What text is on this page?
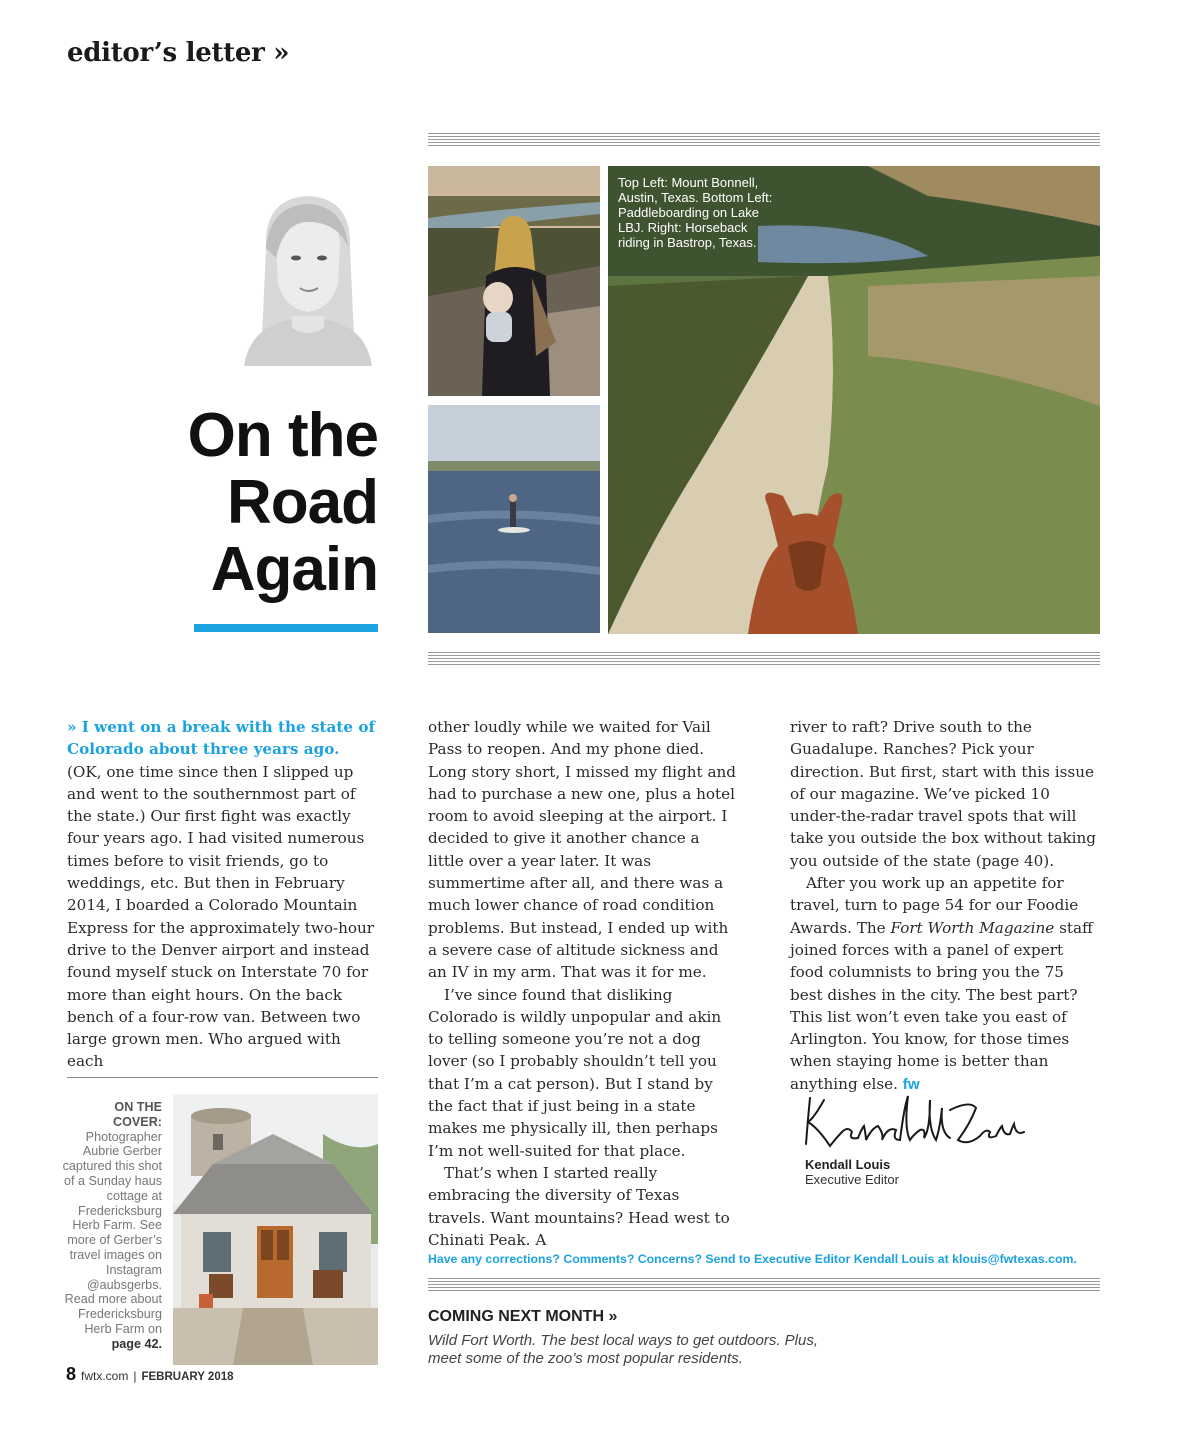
editor’s letter »
On the
Road
Again
Top Left: Mount Bonnell, Austin, Texas. Bottom Left: Paddleboarding on Lake LBJ. Right: Horseback riding in Bastrop, Texas.

» I went on a break with the state of Colorado about three years ago. (OK, one time since then I slipped up and went to the southernmost part of the state.) Our first fight was exactly four years ago. I had visited numerous times before to visit friends, go to weddings, etc. But then in February 2014, I boarded a Colorado Mountain Express for the approximately two-hour drive to the Denver airport and instead found myself stuck on Interstate 70 for more than eight hours. On the back bench of a four-row van. Between two large grown men. Who argued with each

other loudly while we waited for Vail Pass to reopen. And my phone died. Long story short, I missed my flight and had to purchase a new one, plus a hotel room to avoid sleeping at the airport. I decided to give it another chance a little over a year later. It was summertime after all, and there was a much lower chance of road condition problems. But instead, I ended up with a severe case of altitude sickness and an IV in my arm. That was it for me.

I’ve since found that disliking Colorado is wildly unpopular and akin to telling someone you’re not a dog lover (so I probably shouldn’t tell you that I’m a cat person). But I stand by the fact that if just being in a state makes me physically ill, then perhaps I’m not well-suited for that place.

That’s when I started really embracing the diversity of Texas travels. Want mountains? Head west to Chinati Peak. A

river to raft? Drive south to the Guadalupe. Ranches? Pick your direction. But first, start with this issue of our magazine. We’ve picked 10 under-the-radar travel spots that will take you outside the box without taking you outside of the state (page 40).

After you work up an appetite for travel, turn to page 54 for our Foodie Awards. The Fort Worth Magazine staff joined forces with a panel of expert food columnists to bring you the 75 best dishes in the city. The best part? This list won’t even take you east of Arlington. You know, for those times when staying home is better than anything else. fw

ON THE COVER:
Photographer Aubrie Gerber captured this shot of a Sunday haus cottage at Fredericksburg Herb Farm. See more of Gerber’s travel images on Instagram @aubsgerbs. Read more about Fredericksburg Herb Farm on page 42.
Kendall Louis
Executive Editor
Have any corrections? Comments? Concerns? Send to Executive Editor Kendall Louis at klouis@fwtexas.com.
COMING NEXT MONTH »
Wild Fort Worth. The best local ways to get outdoors. Plus, meet some of the zoo’s most popular residents.
8 fwtx.com | FEBRUARY 2018
